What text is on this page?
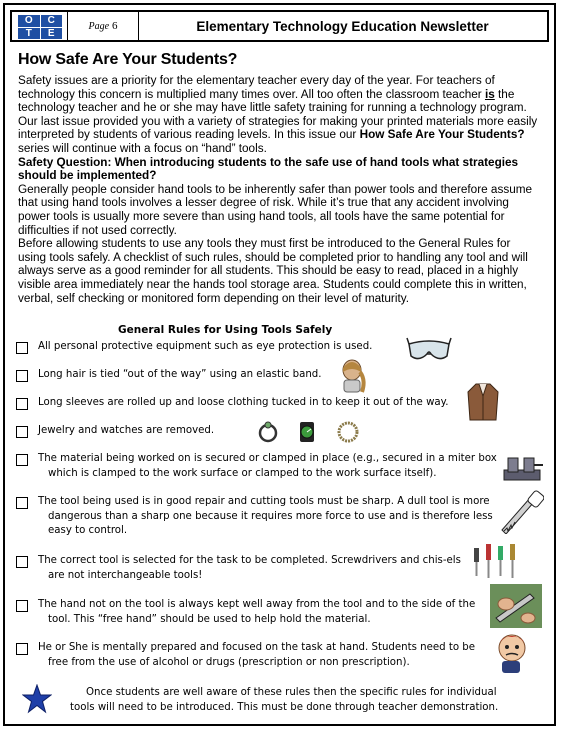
O	C
T	E
Page 6	Elementary Technology Education Newsletter
How Safe Are Your Students?

Safety issues are a priority for the elementary teacher every day of the year. For teachers of technology this concern is multiplied many times over. All too often the classroom teacher is the technology teacher and he or she may have little safety training for running a technology program. Our last issue provided you with a variety of strategies for making your printed materials more easily interpreted by students of various reading levels. In this issue our How Safe Are Your Students? series will continue with a focus on “hand” tools.

Safety Question: When introducing students to the safe use of hand tools what strategies should be implemented?

Generally people consider hand tools to be inherently safer than power tools and therefore assume that using hand tools involves a lesser degree of risk. While it’s true that any accident involving power tools is usually more severe than using hand tools, all tools have the same potential for difficulties if not used correctly.

Before allowing students to use any tools they must first be introduced to the General Rules for using tools safely. A checklist of such rules, should be completed prior to handling any tool and will always serve as a good reminder for all students. This should be easy to read, placed in a highly visible area immediately near the hands tool storage area. Students could complete this in written, verbal, self checking or monitored form depending on their level of maturity.

General Rules for Using Tools Safely
All personal protective equipment such as eye protection is used.
Long hair is tied “out of the way” using an elastic band.
Long sleeves are rolled up and loose clothing tucked in to keep it out of the way.
Jewelry and watches are removed.
The material being worked on is secured or clamped in place (e.g., secured in a miter box which is clamped to the work surface or clamped to the work surface itself).
The tool being used is in good repair and cutting tools must be sharp. A dull tool is more dangerous than a sharp one because it requires more force to use and is therefore less easy to control.
The correct tool is selected for the task to be completed. Screwdrivers and chis-els are not interchangeable tools!
The hand not on the tool is always kept well away from the tool and to the side of the tool. This “free hand” should be used to help hold the material.
He or She is mentally prepared and focused on the task at hand. Students need to be free from the use of alcohol or drugs (prescription or non prescription).
Once students are well aware of these rules then the specific rules for individual tools will need to be introduced. This must be done through teacher demonstration.
